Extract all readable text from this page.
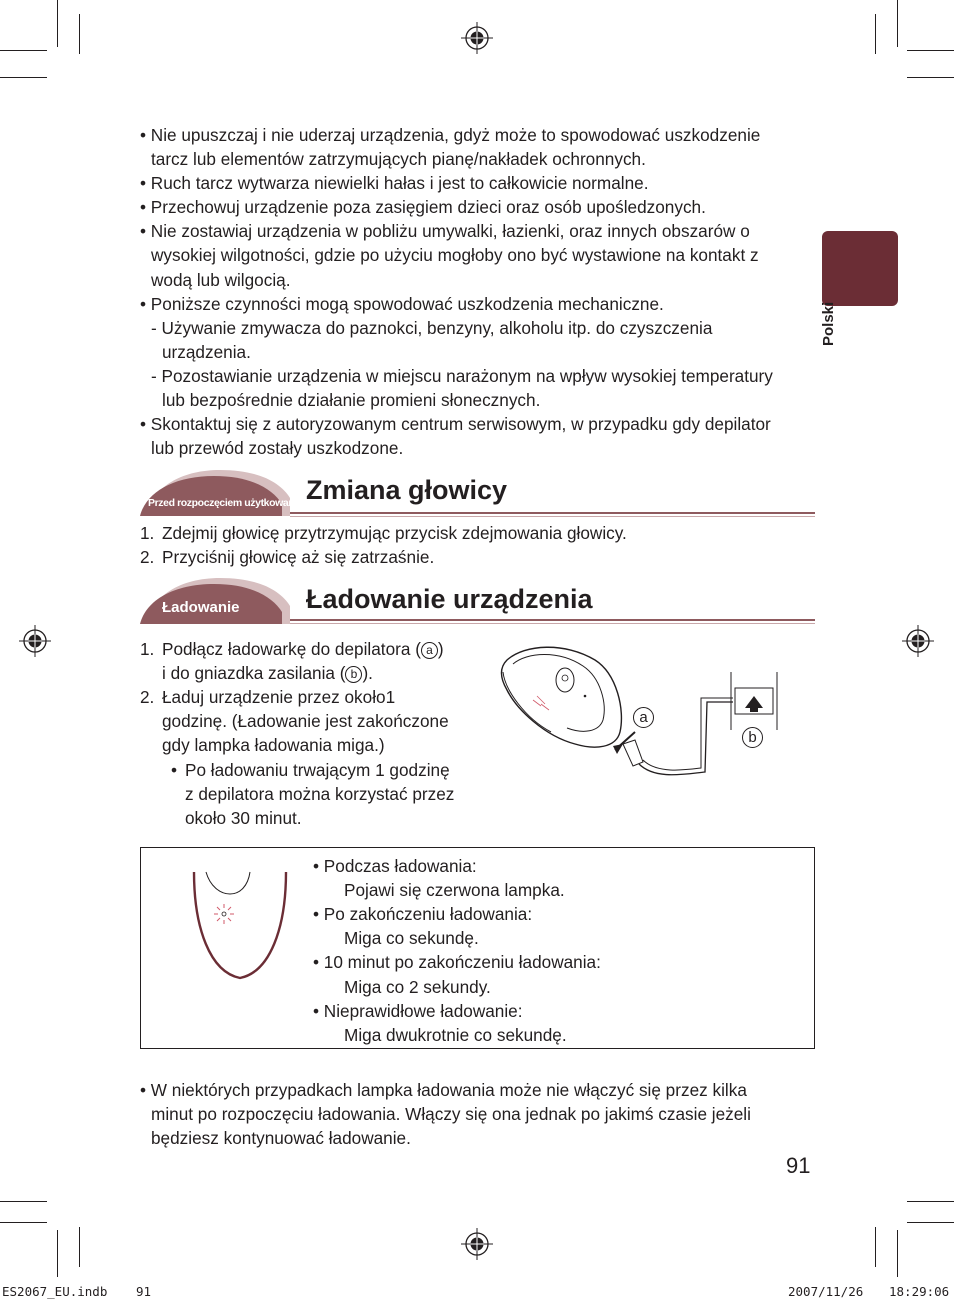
Polski
• Nie upuszczaj i nie uderzaj urządzenia, gdyż może to spowodować uszkodzenie
tarcz lub elementów zatrzymujących pianę/nakładek ochronnych.
• Ruch tarcz wytwarza niewielki hałas i jest to całkowicie normalne.
• Przechowuj urządzenie poza zasięgiem dzieci oraz osób upośledzonych.
• Nie zostawiaj urządzenia w pobliżu umywalki, łazienki, oraz innych obszarów o
wysokiej wilgotności, gdzie po użyciu mogłoby ono być wystawione na kontakt z
wodą lub wilgocią.
• Poniższe czynności mogą spowodować uszkodzenia mechaniczne.
- Używanie zmywacza do paznokci, benzyny, alkoholu itp. do czyszczenia
urządzenia.
- Pozostawianie urządzenia w miejscu narażonym na wpływ wysokiej temperatury
lub bezpośrednie działanie promieni słonecznych.
• Skontaktuj się z autoryzowanym centrum serwisowym, w przypadku gdy depilator
lub przewód zostały uszkodzone.
Przed rozpoczęciem użytkowania Zmiana głowicy
1. Zdejmij głowicę przytrzymując przycisk zdejmowania głowicy.
2. Przyciśnij głowicę aż się zatrzaśnie.
Ładowanie Ładowanie urządzenia
1. Podłącz ładowarkę do depilatora ( a )
i do gniazdka zasilania ( b ).
2. Ładuj urządzenie przez około1
godzinę. (Ładowanie jest zakończone
gdy lampka ładowania miga.)
• Po ładowaniu trwającym 1 godzinę
z depilatora można korzystać przez
około 30 minut.
a
b
• Podczas ładowania:
Pojawi się czerwona lampka.
• Po zakończeniu ładowania:
Miga co sekundę.
• 10 minut po zakończeniu ładowania:
Miga co 2 sekundy.
• Nieprawidłowe ładowanie:
Miga dwukrotnie co sekundę.
• W niektórych przypadkach lampka ładowania może nie włączyć się przez kilka
minut po rozpoczęciu ładowania. Włączy się ona jednak po jakimś czasie jeżeli
będziesz kontynuować ładowanie.
91
ES2067_EU.indb 91	2007/11/26 18:29:06
